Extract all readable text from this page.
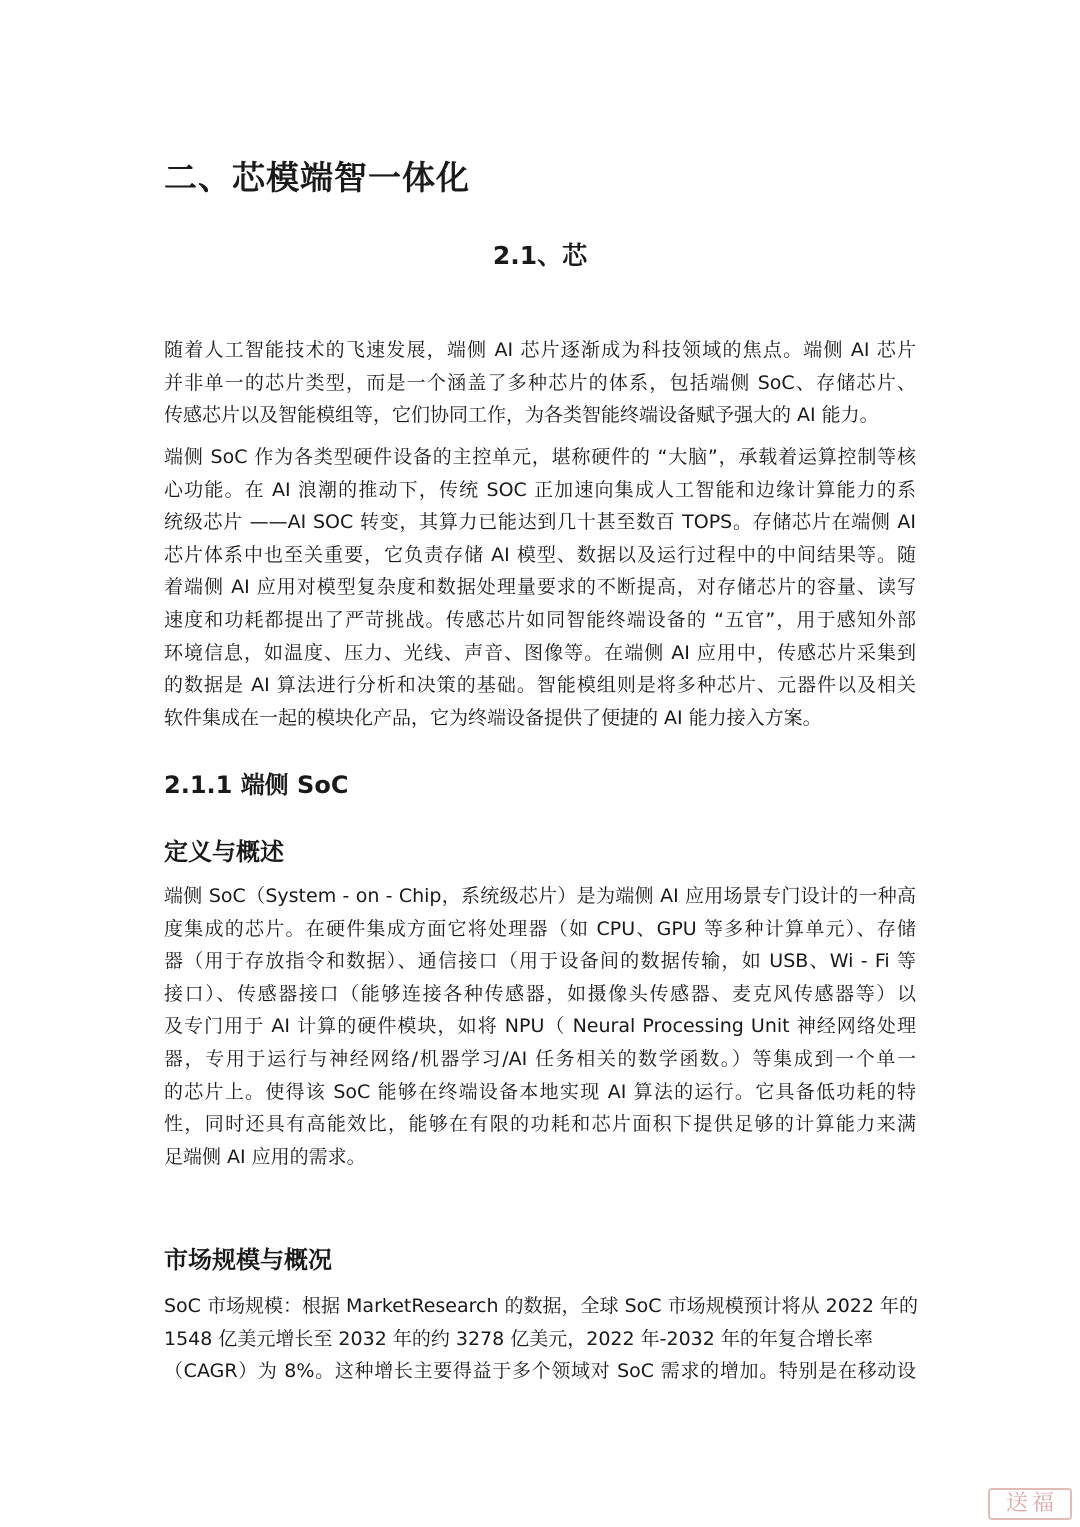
二、芯模端智一体化
2.1、芯
随着人工智能技术的飞速发展，端侧 AI 芯片逐渐成为科技领域的焦点。端侧 AI 芯片
并非单一的芯片类型，而是一个涵盖了多种芯片的体系，包括端侧 SoC、存储芯片、
传感芯片以及智能模组等，它们协同工作，为各类智能终端设备赋予强大的 AI 能力。
端侧 SoC 作为各类型硬件设备的主控单元，堪称硬件的 “大脑”，承载着运算控制等核
心功能。在 AI 浪潮的推动下，传统 SOC 正加速向集成人工智能和边缘计算能力的系
统级芯片 ——AI SOC 转变，其算力已能达到几十甚至数百 TOPS。存储芯片在端侧 AI
芯片体系中也至关重要，它负责存储 AI 模型、数据以及运行过程中的中间结果等。随
着端侧 AI 应用对模型复杂度和数据处理量要求的不断提高，对存储芯片的容量、读写
速度和功耗都提出了严苛挑战。传感芯片如同智能终端设备的 “五官”，用于感知外部
环境信息，如温度、压力、光线、声音、图像等。在端侧 AI 应用中，传感芯片采集到
的数据是 AI 算法进行分析和决策的基础。智能模组则是将多种芯片、元器件以及相关
软件集成在一起的模块化产品，它为终端设备提供了便捷的 AI 能力接入方案。
2.1.1 端侧 SoC
定义与概述
端侧 SoC（System - on - Chip，系统级芯片）是为端侧 AI 应用场景专门设计的一种高
度集成的芯片。在硬件集成方面它将处理器（如 CPU、GPU 等多种计算单元）、存储
器（用于存放指令和数据）、通信接口（用于设备间的数据传输，如 USB、Wi - Fi 等
接口）、传感器接口（能够连接各种传感器，如摄像头传感器、麦克风传感器等）以
及专门用于 AI 计算的硬件模块，如将 NPU（ Neural Processing Unit 神经网络处理
器，专用于运行与神经网络/机器学习/AI 任务相关的数学函数。）等集成到一个单一
的芯片上。使得该 SoC 能够在终端设备本地实现 AI 算法的运行。它具备低功耗的特
性，同时还具有高能效比，能够在有限的功耗和芯片面积下提供足够的计算能力来满
足端侧 AI 应用的需求。
市场规模与概况
SoC 市场规模：根据 MarketResearch 的数据，全球 SoC 市场规模预计将从 2022 年的
1548 亿美元增长至 2032 年的约 3278 亿美元，2022 年-2032 年的年复合增长率
（CAGR）为 8%。这种增长主要得益于多个领域对 SoC 需求的增加。特别是在移动设
送 福
